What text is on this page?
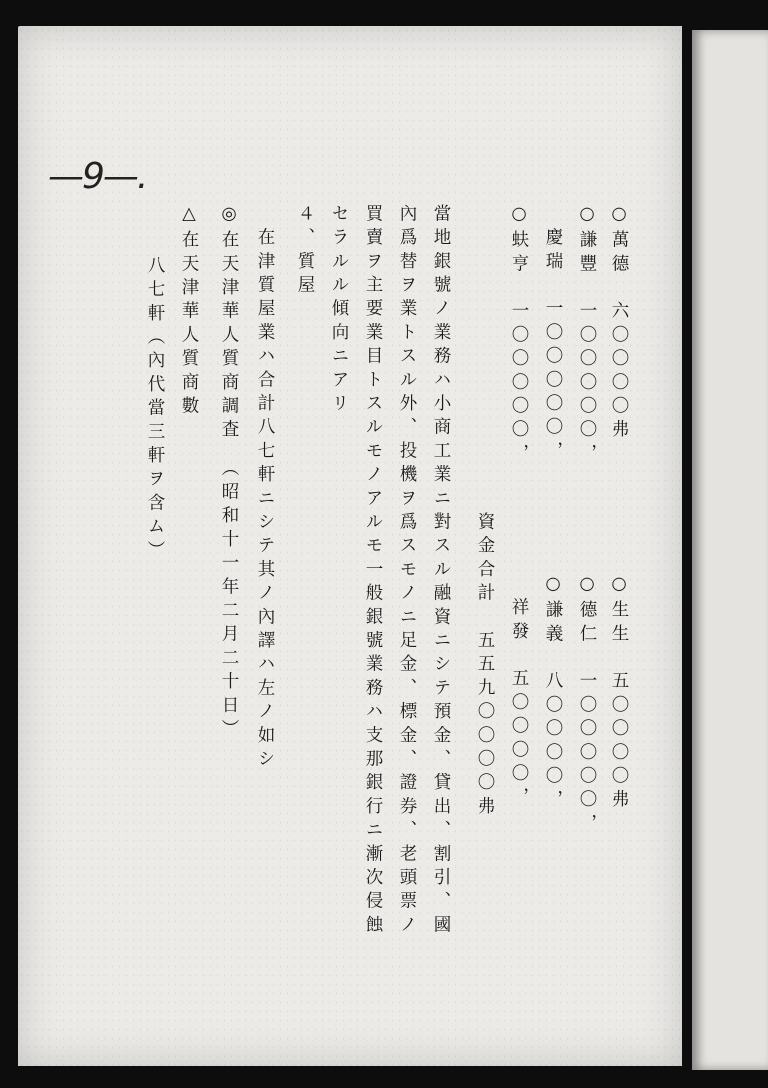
—9—.
○萬德　六〇〇〇〇弗
○生生　五〇〇〇〇弗
○謙豐　一〇〇〇〇〇，
○德仁　一〇〇〇〇〇，
　慶瑞　一〇〇〇〇〇，
○謙義　八〇〇〇〇，
○蚨亨　一〇〇〇〇〇，
　祥發　五〇〇〇〇，
　　　　　　　　　　　　　資金合計　五五九〇〇〇〇弗
當地銀號ノ業務ハ小商工業ニ對スル融資ニシテ預金、貸出、割引、國
內爲替ヲ業トスル外、投機ヲ爲スモノニ足金、標金、證券、老頭票ノ
買賣ヲ主要業目トスルモノアルモ一般銀號業務ハ支那銀行ニ漸次侵蝕
セラルル傾向ニアリ
４、質屋
　在津質屋業ハ合計八七軒ニシテ其ノ內譯ハ左ノ如シ
◎在天津華人質商調査　（昭和十一年二月二十日）
△在天津華人質商數
八七軒（內代當三軒ヲ含ム）
